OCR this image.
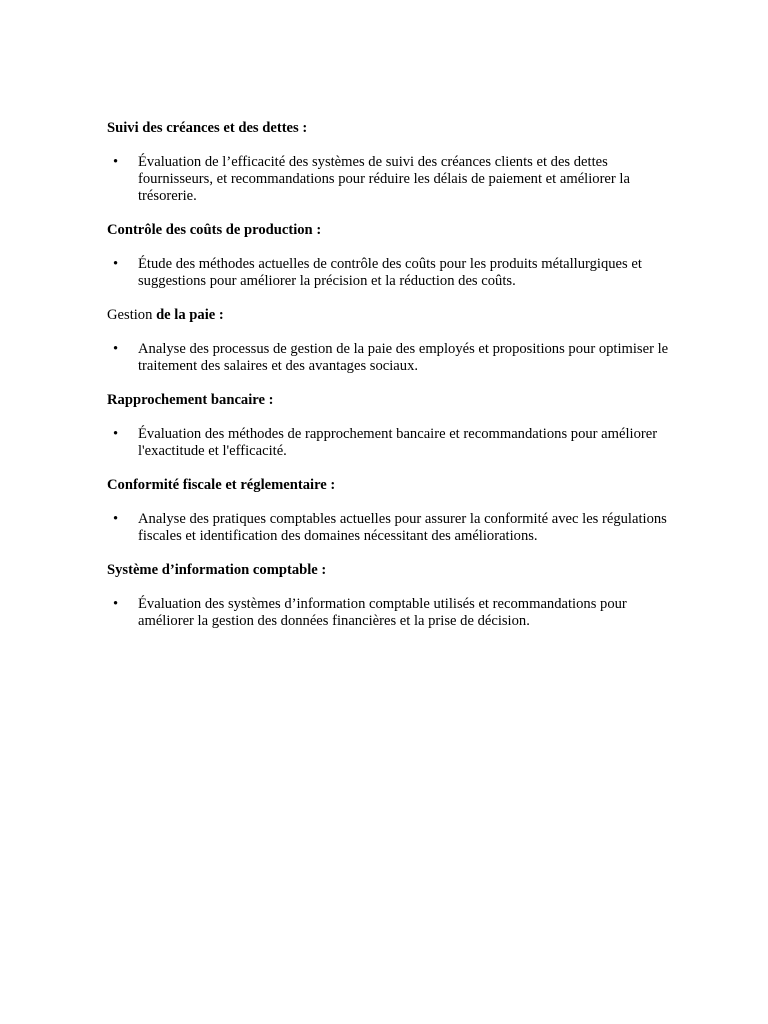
Suivi des créances et des dettes :

• Évaluation de l’efficacité des systèmes de suivi des créances clients et des dettes fournisseurs, et recommandations pour réduire les délais de paiement et améliorer la trésorerie.

Contrôle des coûts de production :

• Étude des méthodes actuelles de contrôle des coûts pour les produits métallurgiques et suggestions pour améliorer la précision et la réduction des coûts.

Gestion de la paie :

• Analyse des processus de gestion de la paie des employés et propositions pour optimiser le traitement des salaires et des avantages sociaux.

Rapprochement bancaire :

• Évaluation des méthodes de rapprochement bancaire et recommandations pour améliorer l'exactitude et l'efficacité.

Conformité fiscale et réglementaire :

• Analyse des pratiques comptables actuelles pour assurer la conformité avec les régulations fiscales et identification des domaines nécessitant des améliorations.

Système d’information comptable :

• Évaluation des systèmes d’information comptable utilisés et recommandations pour améliorer la gestion des données financières et la prise de décision.
